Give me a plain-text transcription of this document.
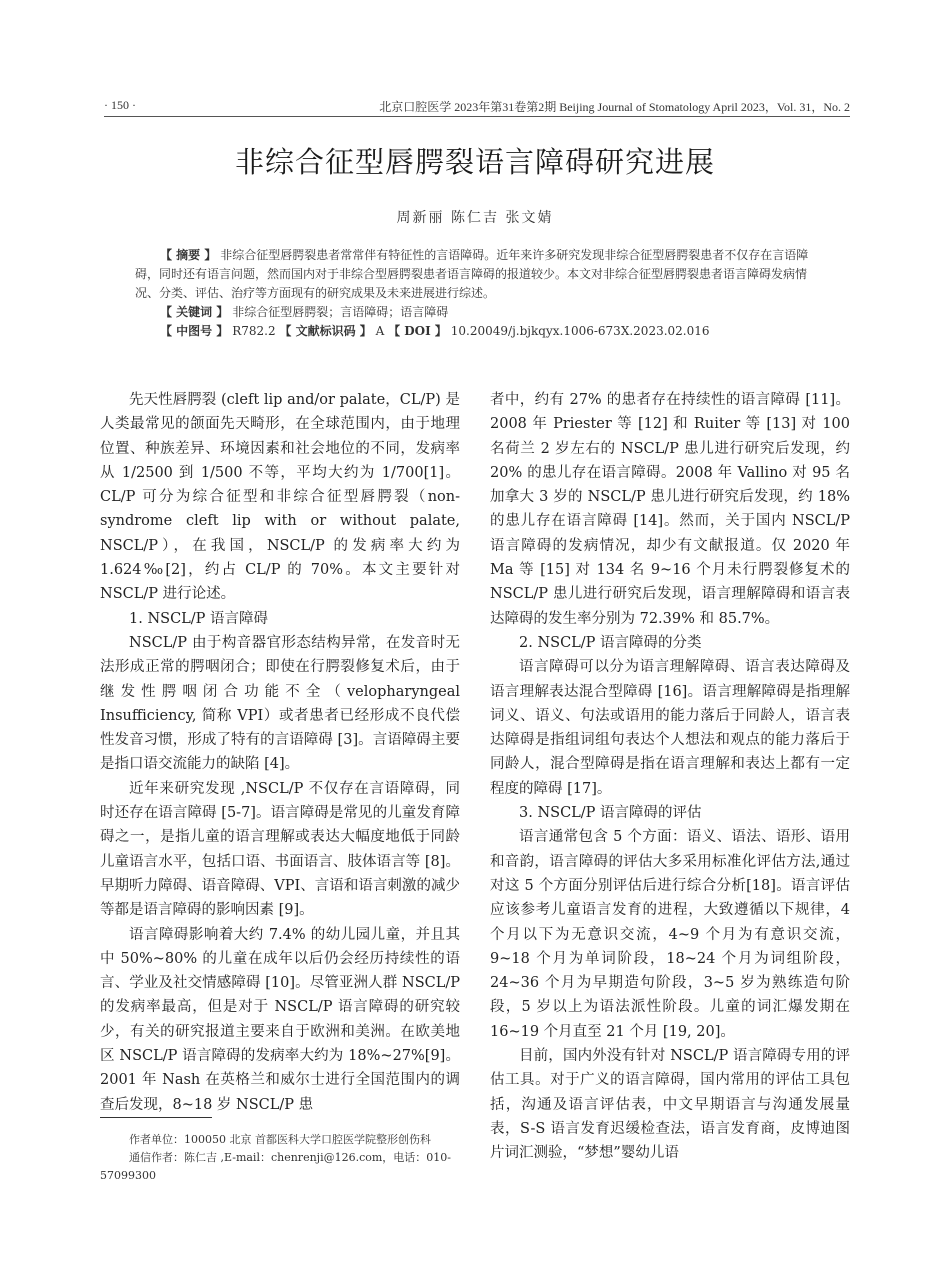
· 150 ·	北京口腔医学 2023年第31卷第2期 Beijing Journal of Stomatology April 2023，Vol. 31，No. 2
非综合征型唇腭裂语言障碍研究进展
周新丽 陈仁吉 张文婧

【 摘要 】 非综合征型唇腭裂患者常常伴有特征性的言语障碍。近年来许多研究发现非综合征型唇腭裂患者不仅存在言语障碍，同时还有语言问题，然而国内对于非综合型唇腭裂患者语言障碍的报道较少。本文对非综合征型唇腭裂患者语言障碍发病情况、分类、评估、治疗等方面现有的研究成果及未来进展进行综述。

【 关键词 】 非综合征型唇腭裂；言语障碍；语言障碍

【 中图号 】 R782.2 【 文献标识码 】 A 【 DOI 】 10.20049/j.bjkqyx.1006-673X.2023.02.016

先天性唇腭裂 (cleft lip and/or palate，CL/P) 是人类最常见的颌面先天畸形，在全球范围内，由于地理位置、种族差异、环境因素和社会地位的不同，发病率从 1/2500 到 1/500 不等，平均大约为 1/700[1]。CL/P 可分为综合征型和非综合征型唇腭裂（non-syndrome cleft lip with or without palate, NSCL/P），在我国，NSCL/P 的发病率大约为 1.624‰[2]，约占 CL/P 的 70%。本文主要针对 NSCL/P 进行论述。

1. NSCL/P 语言障碍

NSCL/P 由于构音器官形态结构异常，在发音时无法形成正常的腭咽闭合；即使在行腭裂修复术后，由于继发性腭咽闭合功能不全（velopharyngeal Insufficiency, 简称 VPI）或者患者已经形成不良代偿性发音习惯，形成了特有的言语障碍 [3]。言语障碍主要是指口语交流能力的缺陷 [4]。

近年来研究发现 ,NSCL/P 不仅存在言语障碍，同时还存在语言障碍 [5-7]。语言障碍是常见的儿童发育障碍之一，是指儿童的语言理解或表达大幅度地低于同龄儿童语言水平，包括口语、书面语言、肢体语言等 [8]。早期听力障碍、语音障碍、VPI、言语和语言刺激的减少等都是语言障碍的影响因素 [9]。

语言障碍影响着大约 7.4% 的幼儿园儿童，并且其中 50%~80% 的儿童在成年以后仍会经历持续性的语言、学业及社交情感障碍 [10]。尽管亚洲人群 NSCL/P 的发病率最高，但是对于 NSCL/P 语言障碍的研究较少，有关的研究报道主要来自于欧洲和美洲。在欧美地区 NSCL/P 语言障碍的发病率大约为 18%~27%[9]。2001 年 Nash 在英格兰和威尔士进行全国范围内的调查后发现，8~18 岁 NSCL/P 患

者中，约有 27% 的患者存在持续性的语言障碍 [11]。2008 年 Priester 等 [12] 和 Ruiter 等 [13] 对 100 名荷兰 2 岁左右的 NSCL/P 患儿进行研究后发现，约 20% 的患儿存在语言障碍。2008 年 Vallino 对 95 名加拿大 3 岁的 NSCL/P 患儿进行研究后发现，约 18% 的患儿存在语言障碍 [14]。然而，关于国内 NSCL/P 语言障碍的发病情况，却少有文献报道。仅 2020 年 Ma 等 [15] 对 134 名 9~16 个月未行腭裂修复术的 NSCL/P 患儿进行研究后发现，语言理解障碍和语言表达障碍的发生率分别为 72.39% 和 85.7%。

2. NSCL/P 语言障碍的分类

语言障碍可以分为语言理解障碍、语言表达障碍及语言理解表达混合型障碍 [16]。语言理解障碍是指理解词义、语义、句法或语用的能力落后于同龄人，语言表达障碍是指组词组句表达个人想法和观点的能力落后于同龄人，混合型障碍是指在语言理解和表达上都有一定程度的障碍 [17]。

3. NSCL/P 语言障碍的评估

语言通常包含 5 个方面：语义、语法、语形、语用和音韵，语言障碍的评估大多采用标准化评估方法,通过对这 5 个方面分别评估后进行综合分析[18]。语言评估应该参考儿童语言发育的进程，大致遵循以下规律，4 个月以下为无意识交流，4~9 个月为有意识交流，9~18 个月为单词阶段，18~24 个月为词组阶段，24~36 个月为早期造句阶段，3~5 岁为熟练造句阶段，5 岁以上为语法派性阶段。儿童的词汇爆发期在 16~19 个月直至 21 个月 [19, 20]。

目前，国内外没有针对 NSCL/P 语言障碍专用的评估工具。对于广义的语言障碍，国内常用的评估工具包括，沟通及语言评估表，中文早期语言与沟通发展量表，S-S 语言发育迟缓检查法，语言发育商，皮博迪图片词汇测验，“梦想”婴幼儿语

作者单位：100050 北京 首都医科大学口腔医学院整形创伤科

通信作者：陈仁吉 ,E-mail：chenrenji@126.com，电话：010-57099300
